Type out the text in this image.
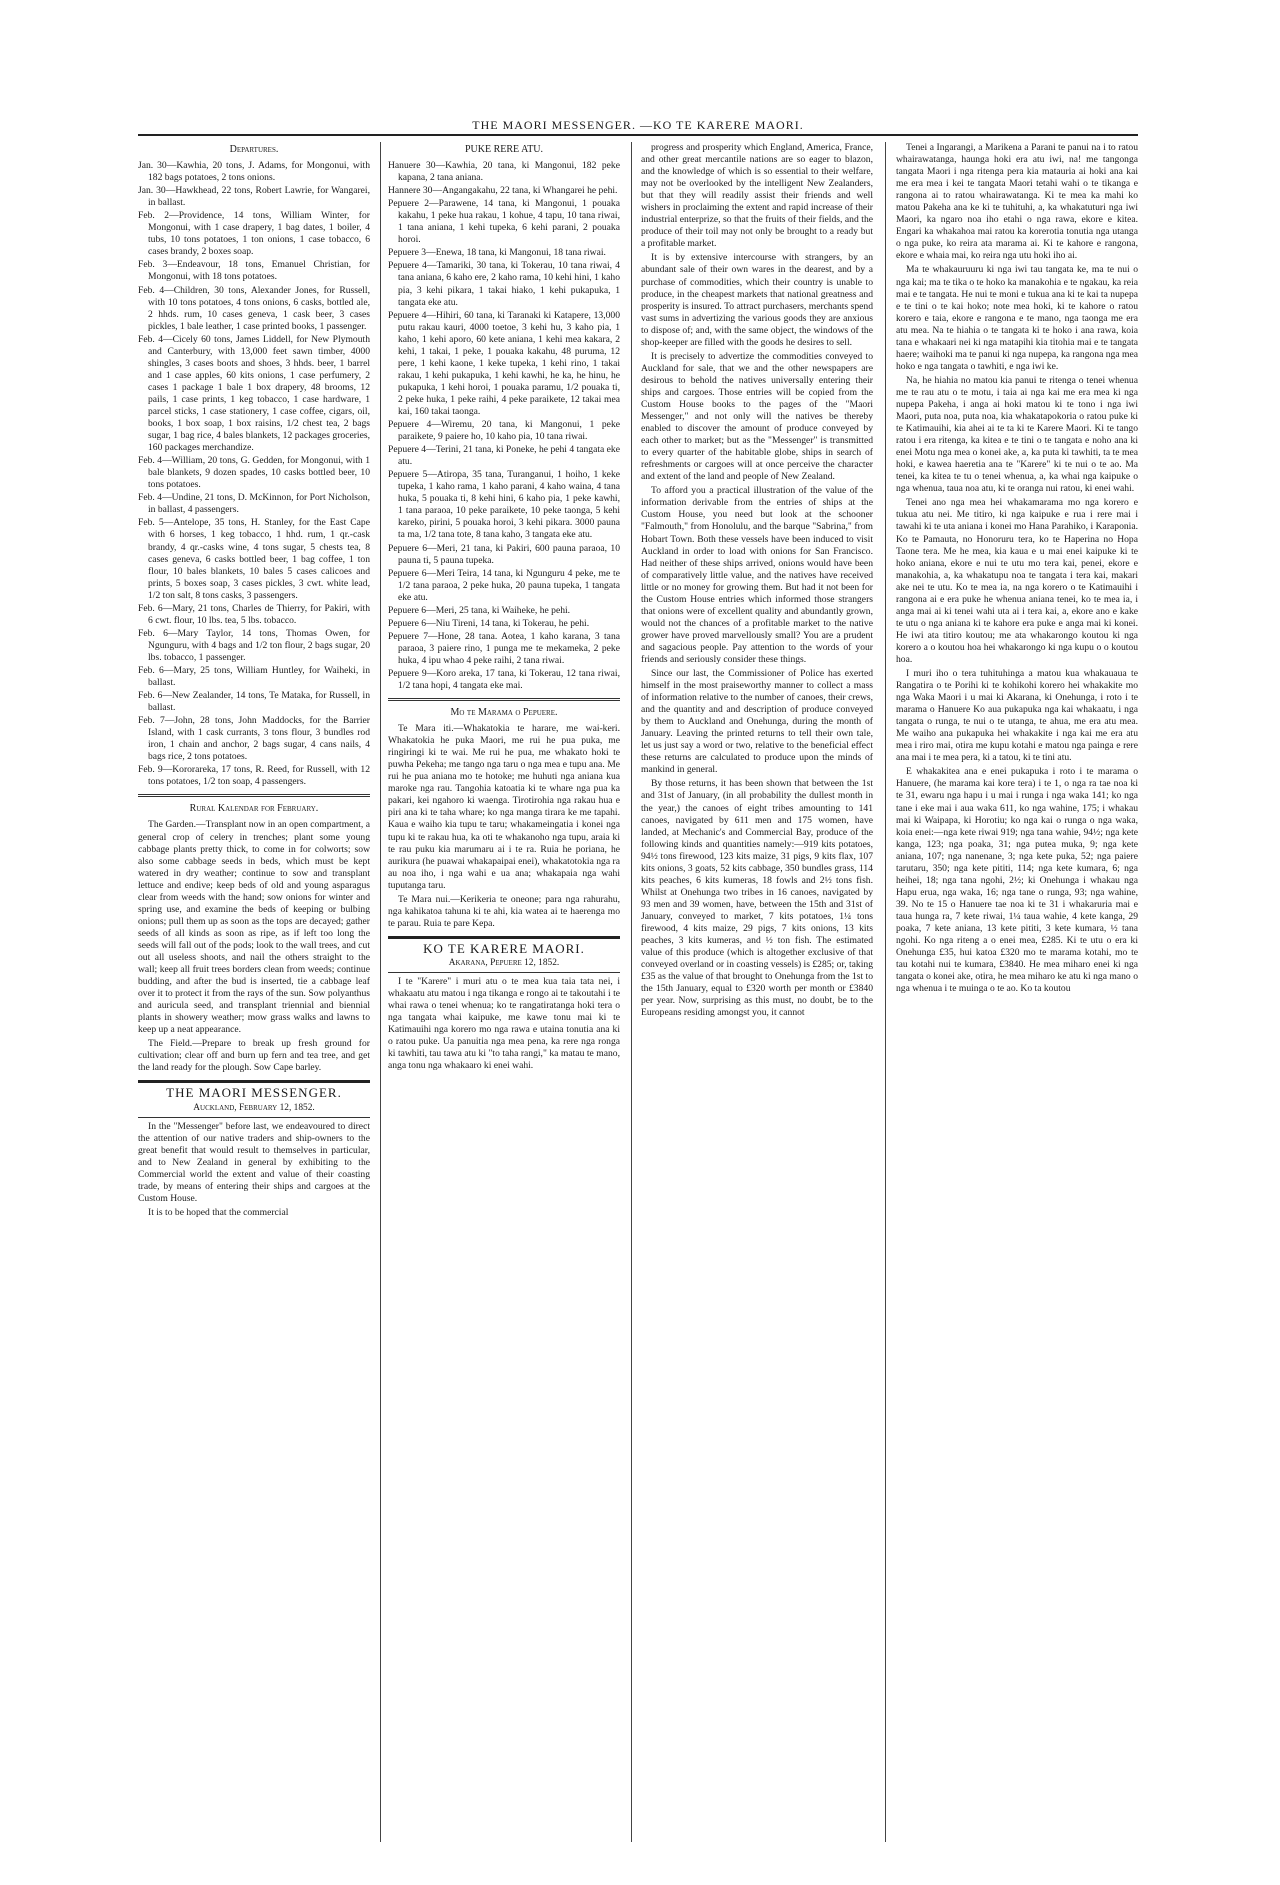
THE MAORI MESSENGER. —KO TE KARERE MAORI.
Departures.

Jan. 30—Kawhia, 20 tons, J. Adams, for Mongonui, with 182 bags potatoes, 2 tons onions.

Jan. 30—Hawkhead, 22 tons, Robert Lawrie, for Wangarei, in ballast.

Feb. 2—Providence, 14 tons, William Winter, for Mongonui, with 1 case drapery, 1 bag dates, 1 boiler, 4 tubs, 10 tons potatoes, 1 ton onions, 1 case tobacco, 6 cases brandy, 2 boxes soap.

Feb. 3—Endeavour, 18 tons, Emanuel Christian, for Mongonui, with 18 tons potatoes.

Feb. 4—Children, 30 tons, Alexander Jones, for Russell, with 10 tons potatoes, 4 tons onions, 6 casks, bottled ale, 2 hhds. rum, 10 cases geneva, 1 cask beer, 3 cases pickles, 1 bale leather, 1 case printed books, 1 passenger.

Feb. 4—Cicely 60 tons, James Liddell, for New Plymouth and Canterbury, with 13,000 feet sawn timber, 4000 shingles, 3 cases boots and shoes, 3 hhds. beer, 1 barrel and 1 case apples, 60 kits onions, 1 case perfumery, 2 cases 1 package 1 bale 1 box drapery, 48 brooms, 12 pails, 1 case prints, 1 keg tobacco, 1 case hardware, 1 parcel sticks, 1 case stationery, 1 case coffee, cigars, oil, books, 1 box soap, 1 box raisins, 1/2 chest tea, 2 bags sugar, 1 bag rice, 4 bales blankets, 12 packages groceries, 160 packages merchandize.

Feb. 4—William, 20 tons, G. Gedden, for Mongonui, with 1 bale blankets, 9 dozen spades, 10 casks bottled beer, 10 tons potatoes.

Feb. 4—Undine, 21 tons, D. McKinnon, for Port Nicholson, in ballast, 4 passengers.

Feb. 5—Antelope, 35 tons, H. Stanley, for the East Cape with 6 horses, 1 keg tobacco, 1 hhd. rum, 1 qr.-cask brandy, 4 qr.-casks wine, 4 tons sugar, 5 chests tea, 8 cases geneva, 6 casks bottled beer, 1 bag coffee, 1 ton flour, 10 bales blankets, 10 bales 5 cases calicoes and prints, 5 boxes soap, 3 cases pickles, 3 cwt. white lead, 1/2 ton salt, 8 tons casks, 3 passengers.

Feb. 6—Mary, 21 tons, Charles de Thierry, for Pakiri, with 6 cwt. flour, 10 lbs. tea, 5 lbs. tobacco.

Feb. 6—Mary Taylor, 14 tons, Thomas Owen, for Ngunguru, with 4 bags and 1/2 ton flour, 2 bags sugar, 20 lbs. tobacco, 1 passenger.

Feb. 6—Mary, 25 tons, William Huntley, for Waiheki, in ballast.

Feb. 6—New Zealander, 14 tons, Te Mataka, for Russell, in ballast.

Feb. 7—John, 28 tons, John Maddocks, for the Barrier Island, with 1 cask currants, 3 tons flour, 3 bundles rod iron, 1 chain and anchor, 2 bags sugar, 4 cans nails, 4 bags rice, 2 tons potatoes.

Feb. 9—Kororareka, 17 tons, R. Reed, for Russell, with 12 tons potatoes, 1/2 ton soap, 4 passengers.

Rural Kalendar for February.

The Garden.—Transplant now in an open compartment, a general crop of celery in trenches; plant some young cabbage plants pretty thick, to come in for colworts; sow also some cabbage seeds in beds, which must be kept watered in dry weather; continue to sow and transplant lettuce and endive; keep beds of old and young asparagus clear from weeds with the hand; sow onions for winter and spring use, and examine the beds of keeping or bulbing onions; pull them up as soon as the tops are decayed; gather seeds of all kinds as soon as ripe, as if left too long the seeds will fall out of the pods; look to the wall trees, and cut out all useless shoots, and nail the others straight to the wall; keep all fruit trees borders clean from weeds; continue budding, and after the bud is inserted, tie a cabbage leaf over it to protect it from the rays of the sun. Sow polyanthus and auricula seed, and transplant triennial and biennial plants in showery weather; mow grass walks and lawns to keep up a neat appearance.

The Field.—Prepare to break up fresh ground for cultivation; clear off and burn up fern and tea tree, and get the land ready for the plough. Sow Cape barley.

THE MAORI MESSENGER.
Auckland, February 12, 1852.

In the "Messenger" before last, we endeavoured to direct the attention of our native traders and ship-owners to the great benefit that would result to themselves in particular, and to New Zealand in general by exhibiting to the Commercial world the extent and value of their coasting trade, by means of entering their ships and cargoes at the Custom House.

It is to be hoped that the commercial

PUKE RERE ATU.

Hanuere 30—Kawhia, 20 tana, ki Mangonui, 182 peke kapana, 2 tana aniana.

Hannere 30—Angangakahu, 22 tana, ki Whangarei he pehi.

Pepuere 2—Parawene, 14 tana, ki Mangonui, 1 pouaka kakahu, 1 peke hua rakau, 1 kohue, 4 tapu, 10 tana riwai, 1 tana aniana, 1 kehi tupeka, 6 kehi parani, 2 pouaka horoi.

Pepuere 3—Enewa, 18 tana, ki Mangonui, 18 tana riwai.

Pepuere 4—Tamariki, 30 tana, ki Tokerau, 10 tana riwai, 4 tana aniana, 6 kaho ere, 2 kaho rama, 10 kehi hini, 1 kaho pia, 3 kehi pikara, 1 takai hiako, 1 kehi pukapuka, 1 tangata eke atu.

Pepuere 4—Hihiri, 60 tana, ki Taranaki ki Katapere, 13,000 putu rakau kauri, 4000 toetoe, 3 kehi hu, 3 kaho pia, 1 kaho, 1 kehi aporo, 60 kete aniana, 1 kehi mea kakara, 2 kehi, 1 takai, 1 peke, 1 pouaka kakahu, 48 puruma, 12 pere, 1 kehi kaone, 1 keke tupeka, 1 kehi rino, 1 takai rakau, 1 kehi pukapuka, 1 kehi kawhi, he ka, he hinu, he pukapuka, 1 kehi horoi, 1 pouaka paramu, 1/2 pouaka ti, 2 peke huka, 1 peke raihi, 4 peke paraikete, 12 takai mea kai, 160 takai taonga.

Pepuere 4—Wiremu, 20 tana, ki Mangonui, 1 peke paraikete, 9 paiere ho, 10 kaho pia, 10 tana riwai.

Pepuere 4—Terini, 21 tana, ki Poneke, he pehi 4 tangata eke atu.

Pepuere 5—Atiropa, 35 tana, Turanganui, 1 hoiho, 1 keke tupeka, 1 kaho rama, 1 kaho parani, 4 kaho waina, 4 tana huka, 5 pouaka ti, 8 kehi hini, 6 kaho pia, 1 peke kawhi, 1 tana paraoa, 10 peke paraikete, 10 peke taonga, 5 kehi kareko, pirini, 5 pouaka horoi, 3 kehi pikara. 3000 pauna ta ma, 1/2 tana tote, 8 tana kaho, 3 tangata eke atu.

Pepuere 6—Meri, 21 tana, ki Pakiri, 600 pauna paraoa, 10 pauna ti, 5 pauna tupeka.

Pepuere 6—Meri Teira, 14 tana, ki Ngunguru 4 peke, me te 1/2 tana paraoa, 2 peke huka, 20 pauna tupeka, 1 tangata eke atu.

Pepuere 6—Meri, 25 tana, ki Waiheke, he pehi.

Pepuere 6—Niu Tireni, 14 tana, ki Tokerau, he pehi.

Pepuere 7—Hone, 28 tana. Aotea, 1 kaho karana, 3 tana paraoa, 3 paiere rino, 1 punga me te mekameka, 2 peke huka, 4 ipu whao 4 peke raihi, 2 tana riwai.

Pepuere 9—Koro areka, 17 tana, ki Tokerau, 12 tana riwai, 1/2 tana hopi, 4 tangata eke mai.

Mo te Marama o Pepuere.

Te Mara iti.—Whakatokia te harare, me wai-keri. Whakatokia he puka Maori, me rui he pua puka, me ringiringi ki te wai. Me rui he pua, me whakato hoki te puwha Pekeha; me tango nga taru o nga mea e tupu ana. Me rui he pua aniana mo te hotoke; me huhuti nga aniana kua maroke nga rau. Tangohia katoatia ki te whare nga pua ka pakari, kei ngahoro ki waenga. Tirotirohia nga rakau hua e piri ana ki te taha whare; ko nga manga tirara ke me tapahi. Kaua e waiho kia tupu te taru; whakameingatia i konei nga tupu ki te rakau hua, ka oti te whakanoho nga tupu, araia ki te rau puku kia marumaru ai i te ra. Ruia he poriana, he aurikura (he puawai whakapaipai enei), whakatotokia nga ra au noa iho, i nga wahi e ua ana; whakapaia nga wahi tuputanga taru.

Te Mara nui.—Kerikeria te oneone; para nga rahurahu, nga kahikatoa tahuna ki te ahi, kia watea ai te haerenga mo te parau. Ruia te pare Kepa.

KO TE KARERE MAORI.
Akarana, Pepuere 12, 1852.

I te "Karere" i muri atu o te mea kua taia tata nei, i whakaatu atu matou i nga tikanga e rongo ai te takoutahi i te whai rawa o tenei whenua; ko te rangatiratanga hoki tera o nga tangata whai kaipuke, me kawe tonu mai ki te Katimauihi nga korero mo nga rawa e utaina tonutia ana ki o ratou puke. Ua panuitia nga mea pena, ka rere nga ronga ki tawhiti, tau tawa atu ki "to taha rangi," ka matau te mano, anga tonu nga whakaaro ki enei wahi.

progress and prosperity which England, America, France, and other great mercantile nations are so eager to blazon, and the knowledge of which is so essential to their welfare, may not be overlooked by the intelligent New Zealanders, but that they will readily assist their friends and well wishers in proclaiming the extent and rapid increase of their industrial enterprize, so that the fruits of their fields, and the produce of their toil may not only be brought to a ready but a profitable market.

It is by extensive intercourse with strangers, by an abundant sale of their own wares in the dearest, and by a purchase of commodities, which their country is unable to produce, in the cheapest markets that national greatness and prosperity is insured. To attract purchasers, merchants spend vast sums in advertizing the various goods they are anxious to dispose of; and, with the same object, the windows of the shop-keeper are filled with the goods he desires to sell.

It is precisely to advertize the commodities conveyed to Auckland for sale, that we and the other newspapers are desirous to behold the natives universally entering their ships and cargoes. Those entries will be copied from the Custom House books to the pages of the "Maori Messenger," and not only will the natives be thereby enabled to discover the amount of produce conveyed by each other to market; but as the "Messenger" is transmitted to every quarter of the habitable globe, ships in search of refreshments or cargoes will at once perceive the character and extent of the land and people of New Zealand.

To afford you a practical illustration of the value of the information derivable from the entries of ships at the Custom House, you need but look at the schooner "Falmouth," from Honolulu, and the barque "Sabrina," from Hobart Town. Both these vessels have been induced to visit Auckland in order to load with onions for San Francisco. Had neither of these ships arrived, onions would have been of comparatively little value, and the natives have received little or no money for growing them. But had it not been for the Custom House entries which informed those strangers that onions were of excellent quality and abundantly grown, would not the chances of a profitable market to the native grower have proved marvellously small? You are a prudent and sagacious people. Pay attention to the words of your friends and seriously consider these things.

Since our last, the Commissioner of Police has exerted himself in the most praiseworthy manner to collect a mass of information relative to the number of canoes, their crews, and the quantity and and description of produce conveyed by them to Auckland and Onehunga, during the month of January. Leaving the printed returns to tell their own tale, let us just say a word or two, relative to the beneficial effect these returns are calculated to produce upon the minds of mankind in general.

By those returns, it has been shown that between the 1st and 31st of January, (in all probability the dullest month in the year,) the canoes of eight tribes amounting to 141 canoes, navigated by 611 men and 175 women, have landed, at Mechanic's and Commercial Bay, produce of the following kinds and quantities namely:—919 kits potatoes, 94½ tons firewood, 123 kits maize, 31 pigs, 9 kits flax, 107 kits onions, 3 goats, 52 kits cabbage, 350 bundles grass, 114 kits peaches, 6 kits kumeras, 18 fowls and 2½ tons fish. Whilst at Onehunga two tribes in 16 canoes, navigated by 93 men and 39 women, have, between the 15th and 31st of January, conveyed to market, 7 kits potatoes, 1¼ tons firewood, 4 kits maize, 29 pigs, 7 kits onions, 13 kits peaches, 3 kits kumeras, and ½ ton fish. The estimated value of this produce (which is altogether exclusive of that conveyed overland or in coasting vessels) is £285; or, taking £35 as the value of that brought to Onehunga from the 1st to the 15th January, equal to £320 worth per month or £3840 per year. Now, surprising as this must, no doubt, be to the Europeans residing amongst you, it cannot

Tenei a Ingarangi, a Marikena a Parani te panui na i to ratou whairawatanga, haunga hoki era atu iwi, na! me tangonga tangata Maori i nga ritenga pera kia matauria ai hoki ana kai me era mea i kei te tangata Maori tetahi wahi o te tikanga e rangona ai to ratou whairawatanga. Ki te mea ka mahi ko matou Pakeha ana ke ki te tuhituhi, a, ka whakatuturi nga iwi Maori, ka ngaro noa iho etahi o nga rawa, ekore e kitea. Engari ka whakahoa mai ratou ka korerotia tonutia nga utanga o nga puke, ko reira ata marama ai. Ki te kahore e rangona, ekore e whaia mai, ko reira nga utu hoki iho ai.

Ma te whakauruuru ki nga iwi tau tangata ke, ma te nui o nga kai; ma te tika o te hoko ka manakohia e te ngakau, ka reia mai e te tangata. He nui te moni e tukua ana ki te kai ta nupepa e te tini o te kai hoko; note mea hoki, ki te kahore o ratou korero e taia, ekore e rangona e te mano, nga taonga me era atu mea. Na te hiahia o te tangata ki te hoko i ana rawa, koia tana e whakaari nei ki nga matapihi kia titohia mai e te tangata haere; waihoki ma te panui ki nga nupepa, ka rangona nga mea hoko e nga tangata o tawhiti, e nga iwi ke.

Na, he hiahia no matou kia panui te ritenga o tenei whenua me te rau atu o te motu, i taia ai nga kai me era mea ki nga nupepa Pakeha, i anga ai hoki matou ki te tono i nga iwi Maori, puta noa, puta noa, kia whakatapokoria o ratou puke ki te Katimauihi, kia ahei ai te ta ki te Karere Maori. Ki te tango ratou i era ritenga, ka kitea e te tini o te tangata e noho ana ki enei Motu nga mea o konei ake, a, ka puta ki tawhiti, ta te mea hoki, e kawea haeretia ana te "Karere" ki te nui o te ao. Ma tenei, ka kitea te tu o tenei whenua, a, ka whai nga kaipuke o nga whenua, taua noa atu, ki te oranga nui ratou, ki enei wahi.

Tenei ano nga mea hei whakamarama mo nga korero e tukua atu nei. Me titiro, ki nga kaipuke e rua i rere mai i tawahi ki te uta aniana i konei mo Hana Parahiko, i Karaponia. Ko te Pamauta, no Honoruru tera, ko te Haperina no Hopa Taone tera. Me he mea, kia kaua e u mai enei kaipuke ki te hoko aniana, ekore e nui te utu mo tera kai, penei, ekore e manakohia, a, ka whakatupu noa te tangata i tera kai, makari ake nei te utu. Ko te mea ia, na nga korero o te Katimauihi i rangona ai e era puke he whenua aniana tenei, ko te mea ia, i anga mai ai ki tenei wahi uta ai i tera kai, a, ekore ano e kake te utu o nga aniana ki te kahore era puke e anga mai ki konei. He iwi ata titiro koutou; me ata whakarongo koutou ki nga korero a o koutou hoa hei whakarongo ki nga kupu o o koutou hoa.

I muri iho o tera tuhituhinga a matou kua whakauaua te Rangatira o te Porihi ki te kohikohi korero hei whakakite mo nga Waka Maori i u mai ki Akarana, ki Onehunga, i roto i te marama o Hanuere Ko aua pukapuka nga kai whakaatu, i nga tangata o runga, te nui o te utanga, te ahua, me era atu mea. Me waiho ana pukapuka hei whakakite i nga kai me era atu mea i riro mai, otira me kupu kotahi e matou nga painga e rere ana mai i te mea pera, ki a tatou, ki te tini atu.

E whakakitea ana e enei pukapuka i roto i te marama o Hanuere, (he marama kai kore tera) i te 1, o nga ra tae noa ki te 31, ewaru nga hapu i u mai i runga i nga waka 141; ko nga tane i eke mai i aua waka 611, ko nga wahine, 175; i whakau mai ki Waipapa, ki Horotiu; ko nga kai o runga o nga waka, koia enei:—nga kete riwai 919; nga tana wahie, 94½; nga kete kanga, 123; nga poaka, 31; nga putea muka, 9; nga kete aniana, 107; nga nanenane, 3; nga kete puka, 52; nga paiere tarutaru, 350; nga kete pititi, 114; nga kete kumara, 6; nga heihei, 18; nga tana ngohi, 2½; ki Onehunga i whakau nga Hapu erua, nga waka, 16; nga tane o runga, 93; nga wahine, 39. No te 15 o Hanuere tae noa ki te 31 i whakaruria mai e taua hunga ra, 7 kete riwai, 1¼ taua wahie, 4 kete kanga, 29 poaka, 7 kete aniana, 13 kete pititi, 3 kete kumara, ½ tana ngohi. Ko nga riteng a o enei mea, £285. Ki te utu o era ki Onehunga £35, hui katoa £320 mo te marama kotahi, mo te tau kotahi nui te kumara, £3840. He mea miharo enei ki nga tangata o konei ake, otira, he mea miharo ke atu ki nga mano o nga whenua i te muinga o te ao. Ko ta koutou
